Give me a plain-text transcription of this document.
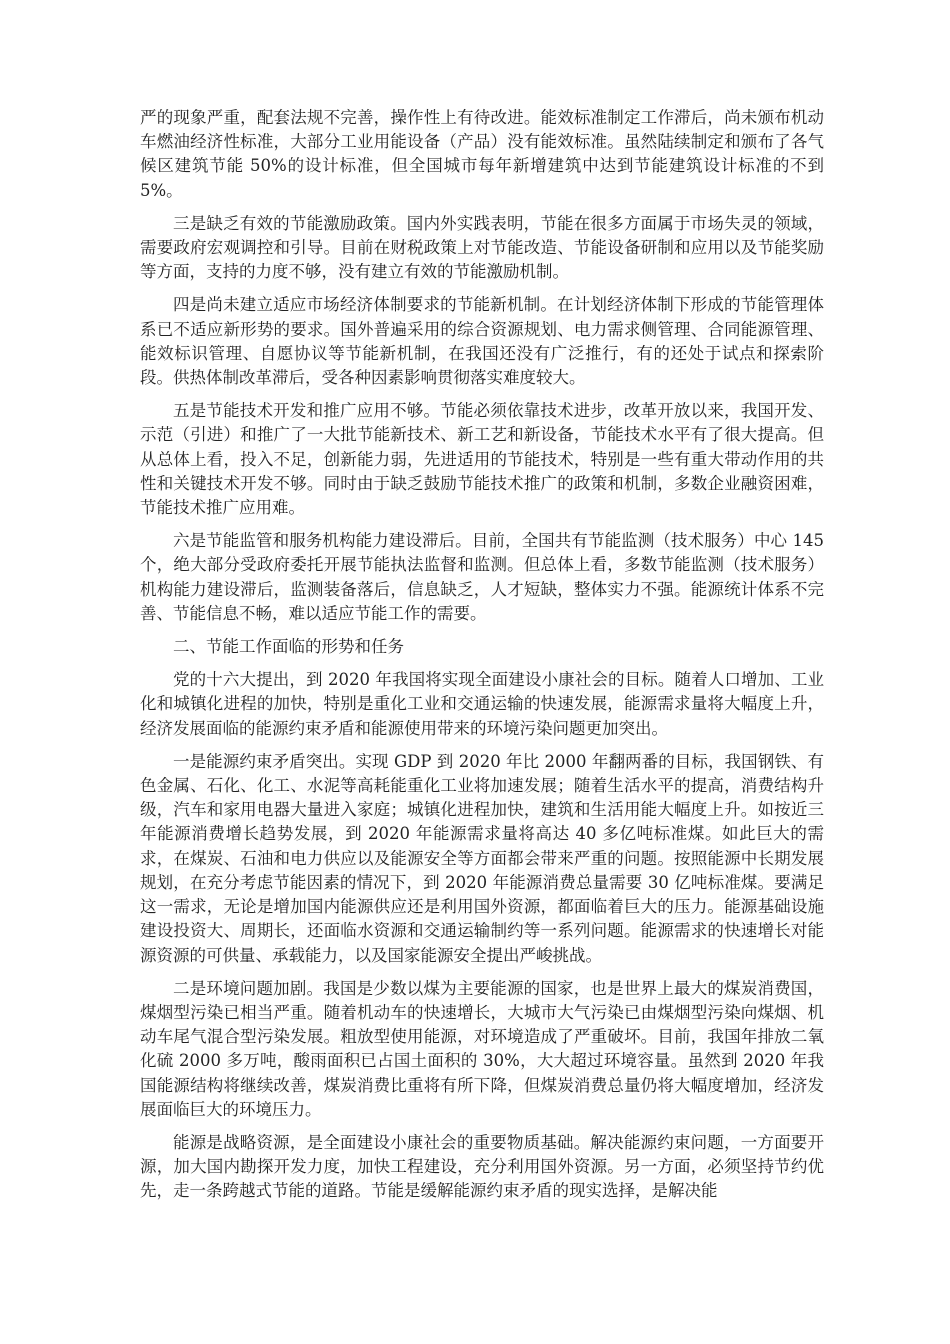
严的现象严重，配套法规不完善，操作性上有待改进。能效标准制定工作滞后，尚未颁布机动车燃油经济性标准，大部分工业用能设备（产品）没有能效标准。虽然陆续制定和颁布了各气候区建筑节能 50%的设计标准，但全国城市每年新增建筑中达到节能建筑设计标准的不到 5%。

三是缺乏有效的节能激励政策。国内外实践表明，节能在很多方面属于市场失灵的领域，需要政府宏观调控和引导。目前在财税政策上对节能改造、节能设备研制和应用以及节能奖励等方面，支持的力度不够，没有建立有效的节能激励机制。

四是尚未建立适应市场经济体制要求的节能新机制。在计划经济体制下形成的节能管理体系已不适应新形势的要求。国外普遍采用的综合资源规划、电力需求侧管理、合同能源管理、能效标识管理、自愿协议等节能新机制，在我国还没有广泛推行，有的还处于试点和探索阶段。供热体制改革滞后，受各种因素影响贯彻落实难度较大。

五是节能技术开发和推广应用不够。节能必须依靠技术进步，改革开放以来，我国开发、示范（引进）和推广了一大批节能新技术、新工艺和新设备，节能技术水平有了很大提高。但从总体上看，投入不足，创新能力弱，先进适用的节能技术，特别是一些有重大带动作用的共性和关键技术开发不够。同时由于缺乏鼓励节能技术推广的政策和机制，多数企业融资困难，节能技术推广应用难。

六是节能监管和服务机构能力建设滞后。目前，全国共有节能监测（技术服务）中心 145 个，绝大部分受政府委托开展节能执法监督和监测。但总体上看，多数节能监测（技术服务）机构能力建设滞后，监测装备落后，信息缺乏，人才短缺，整体实力不强。能源统计体系不完善、节能信息不畅，难以适应节能工作的需要。

二、节能工作面临的形势和任务

党的十六大提出，到 2020 年我国将实现全面建设小康社会的目标。随着人口增加、工业化和城镇化进程的加快，特别是重化工业和交通运输的快速发展，能源需求量将大幅度上升，经济发展面临的能源约束矛盾和能源使用带来的环境污染问题更加突出。

一是能源约束矛盾突出。实现 GDP 到 2020 年比 2000 年翻两番的目标，我国钢铁、有色金属、石化、化工、水泥等高耗能重化工业将加速发展；随着生活水平的提高，消费结构升级，汽车和家用电器大量进入家庭；城镇化进程加快，建筑和生活用能大幅度上升。如按近三年能源消费增长趋势发展，到 2020 年能源需求量将高达 40 多亿吨标准煤。如此巨大的需求，在煤炭、石油和电力供应以及能源安全等方面都会带来严重的问题。按照能源中长期发展规划，在充分考虑节能因素的情况下，到 2020 年能源消费总量需要 30 亿吨标准煤。要满足这一需求，无论是增加国内能源供应还是利用国外资源，都面临着巨大的压力。能源基础设施建设投资大、周期长，还面临水资源和交通运输制约等一系列问题。能源需求的快速增长对能源资源的可供量、承载能力，以及国家能源安全提出严峻挑战。

二是环境问题加剧。我国是少数以煤为主要能源的国家，也是世界上最大的煤炭消费国，煤烟型污染已相当严重。随着机动车的快速增长，大城市大气污染已由煤烟型污染向煤烟、机动车尾气混合型污染发展。粗放型使用能源，对环境造成了严重破坏。目前，我国年排放二氧化硫 2000 多万吨，酸雨面积已占国土面积的 30%，大大超过环境容量。虽然到 2020 年我国能源结构将继续改善，煤炭消费比重将有所下降，但煤炭消费总量仍将大幅度增加，经济发展面临巨大的环境压力。

能源是战略资源，是全面建设小康社会的重要物质基础。解决能源约束问题，一方面要开源，加大国内勘探开发力度，加快工程建设，充分利用国外资源。另一方面，必须坚持节约优先，走一条跨越式节能的道路。节能是缓解能源约束矛盾的现实选择，是解决能
